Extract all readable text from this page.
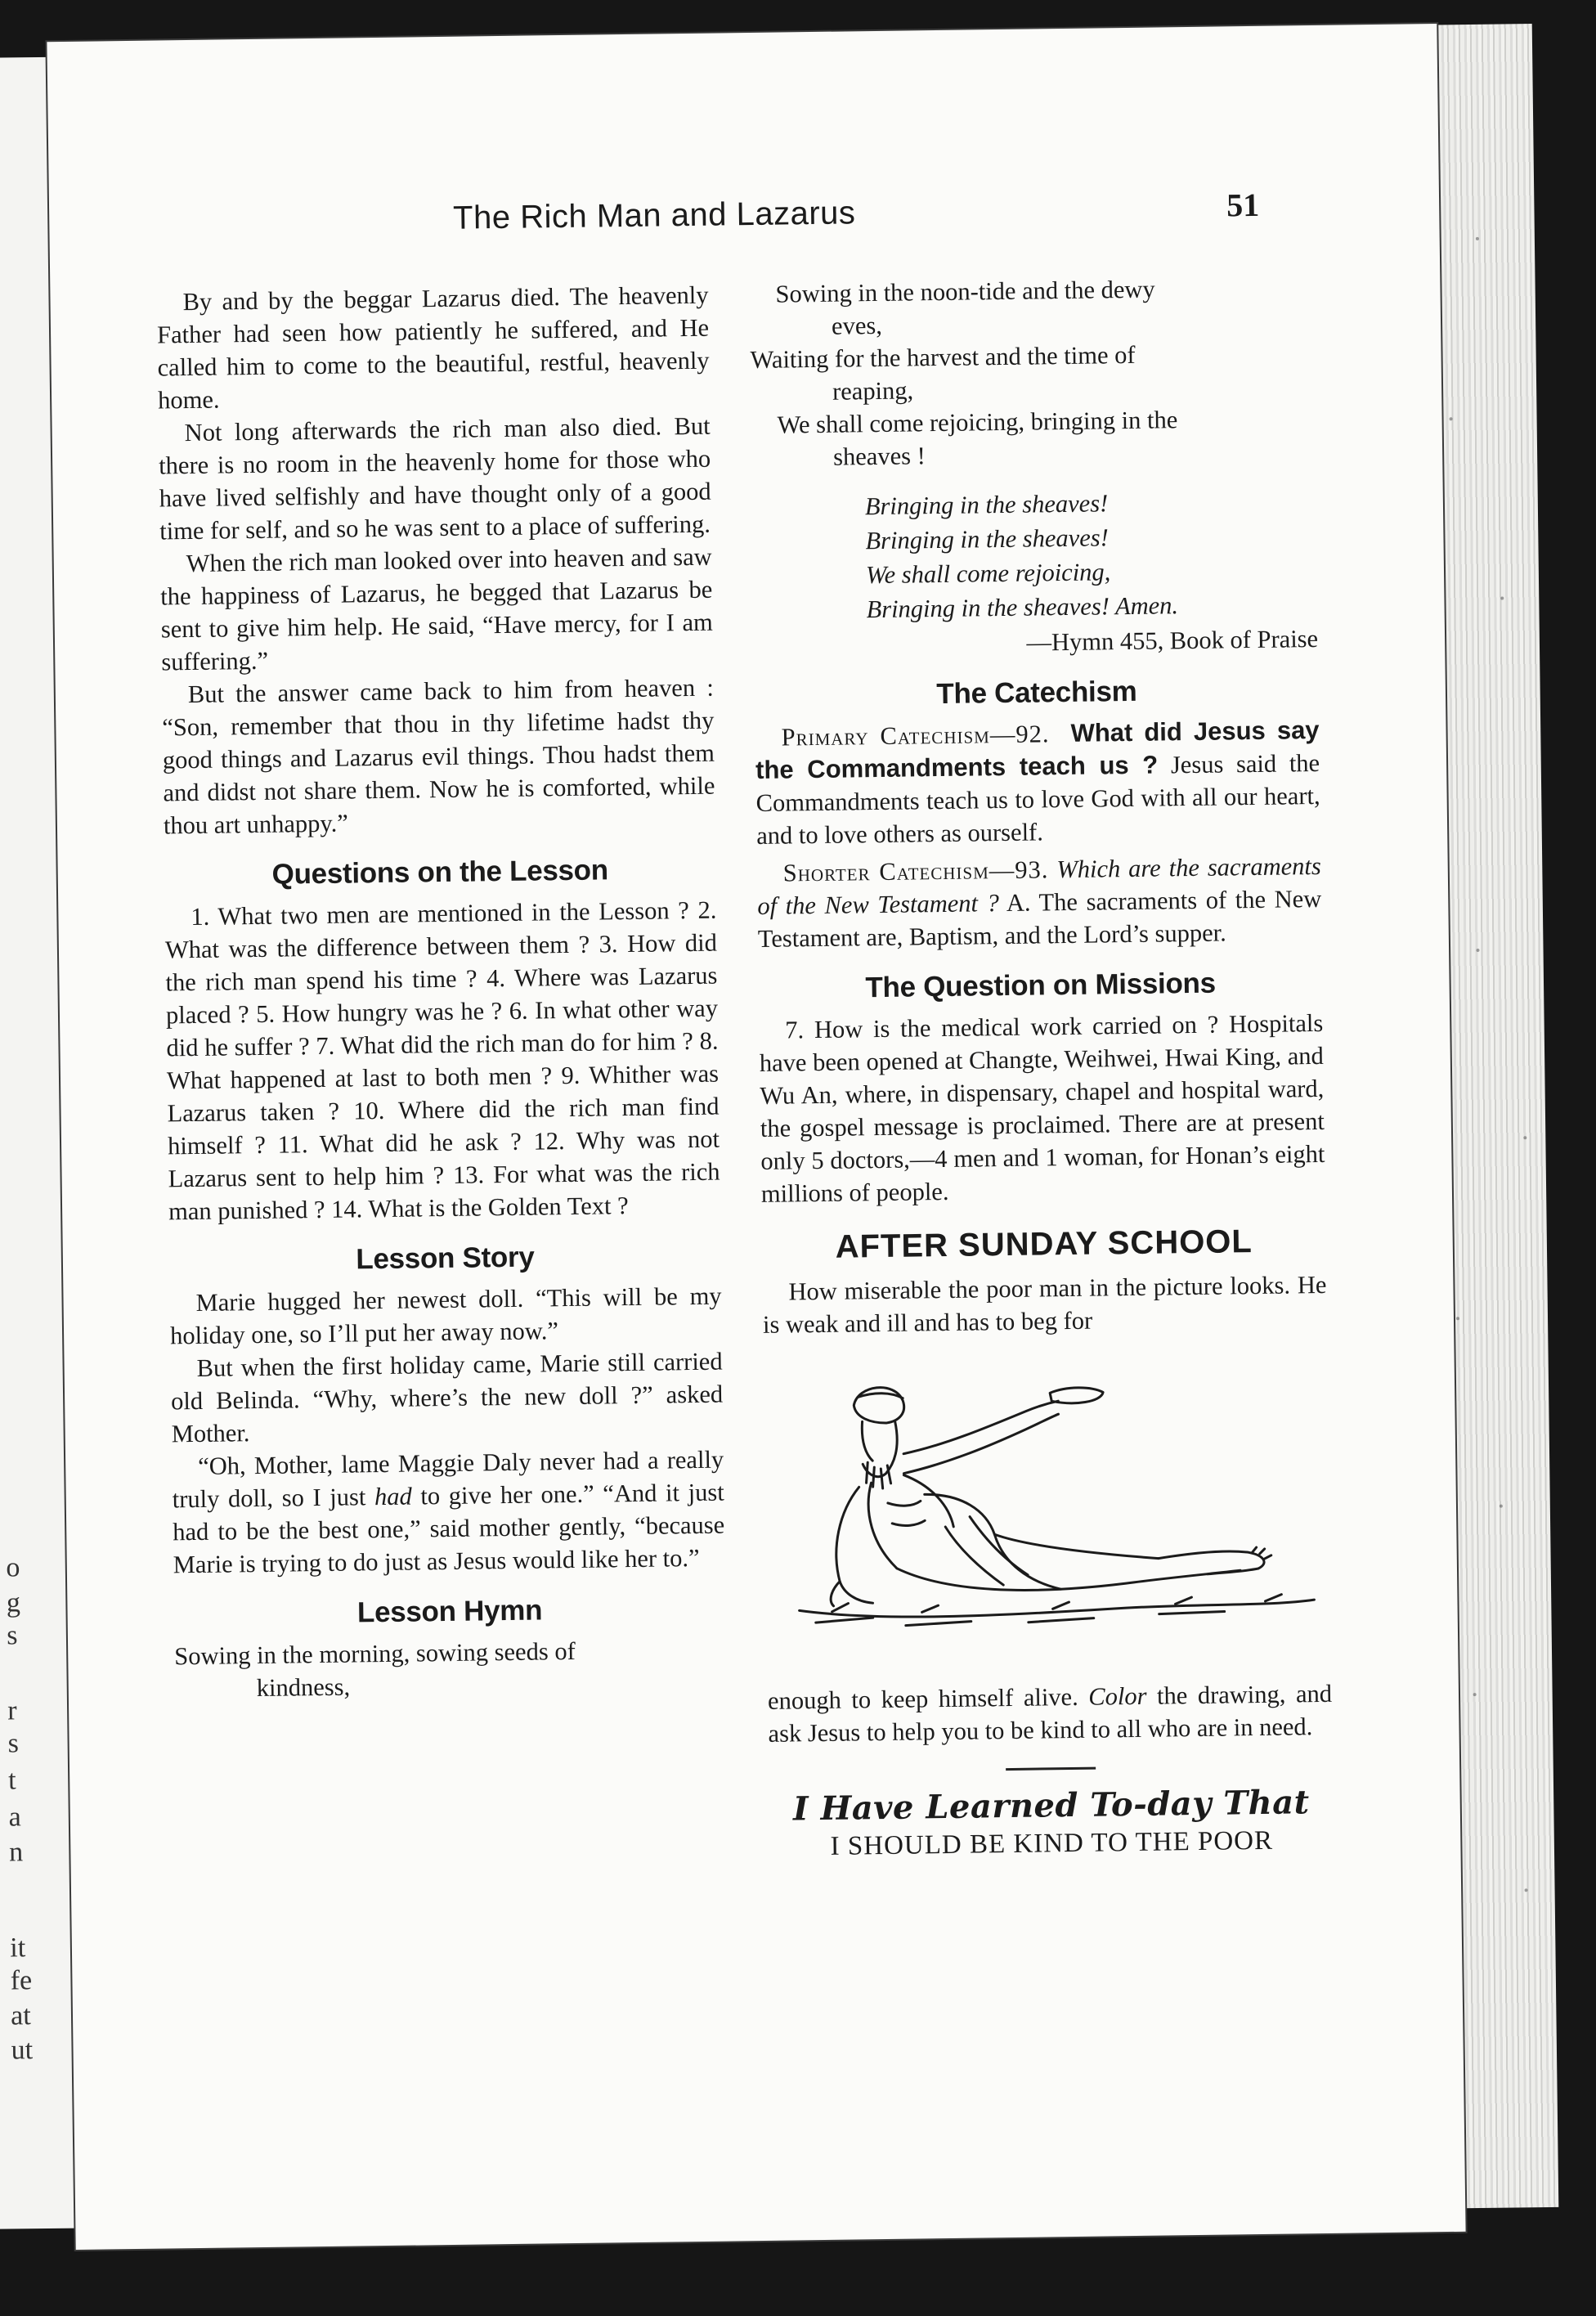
o
g
s
r
s
t
a
n
it
fe
at
ut
The Rich Man and Lazarus	51

By and by the beggar Lazarus died. The heavenly Father had seen how patiently he suffered, and He called him to come to the beautiful, restful, heavenly home.

Not long afterwards the rich man also died. But there is no room in the heavenly home for those who have lived selfishly and have thought only of a good time for self, and so he was sent to a place of suffering.

When the rich man looked over into heaven and saw the happiness of Lazarus, he begged that Lazarus be sent to give him help. He said, “Have mercy, for I am suffering.”

But the answer came back to him from heaven : “Son, remember that thou in thy lifetime hadst thy good things and Lazarus evil things. Thou hadst them and didst not share them. Now he is comforted, while thou art unhappy.”

Questions on the Lesson

1. What two men are mentioned in the Lesson ? 2. What was the difference between them ? 3. How did the rich man spend his time ? 4. Where was Lazarus placed ? 5. How hungry was he ? 6. In what other way did he suffer ? 7. What did the rich man do for him ? 8. What happened at last to both men ? 9. Whither was Lazarus taken ? 10. Where did the rich man find himself ? 11. What did he ask ? 12. Why was not Lazarus sent to help him ? 13. For what was the rich man punished ? 14. What is the Golden Text ?

Lesson Story

Marie hugged her newest doll. “This will be my holiday one, so I’ll put her away now.”

But when the first holiday came, Marie still carried old Belinda. “Why, where’s the new doll ?” asked Mother.

“Oh, Mother, lame Maggie Daly never had a really truly doll, so I just had to give her one.” “And it just had to be the best one,” said mother gently, “because Marie is trying to do just as Jesus would like her to.”

Lesson Hymn
Sowing in the morning, sowing seeds of
kindness,
Sowing in the noon-tide and the dewy
eves,
Waiting for the harvest and the time of
reaping,
We shall come rejoicing, bringing in the
sheaves !
Bringing in the sheaves!
Bringing in the sheaves!
We shall come rejoicing,
Bringing in the sheaves! Amen.
—Hymn 455, Book of Praise
The Catechism

Primary Catechism—92. What did Jesus say the Commandments teach us ? Jesus said the Commandments teach us to love God with all our heart, and to love others as ourself.

Shorter Catechism—93. Which are the sacraments of the New Testament ? A. The sacraments of the New Testament are, Baptism, and the Lord’s supper.

The Question on Missions

7. How is the medical work carried on ? Hospitals have been opened at Changte, Weihwei, Hwai King, and Wu An, where, in dispensary, chapel and hospital ward, the gospel message is proclaimed. There are at present only 5 doctors,—4 men and 1 woman, for Honan’s eight millions of people.

AFTER SUNDAY SCHOOL

How miserable the poor man in the picture looks. He is weak and ill and has to beg for

enough to keep himself alive. Color the drawing, and ask Jesus to help you to be kind to all who are in need.

I Have Learned To-day That
I SHOULD BE KIND TO THE POOR
